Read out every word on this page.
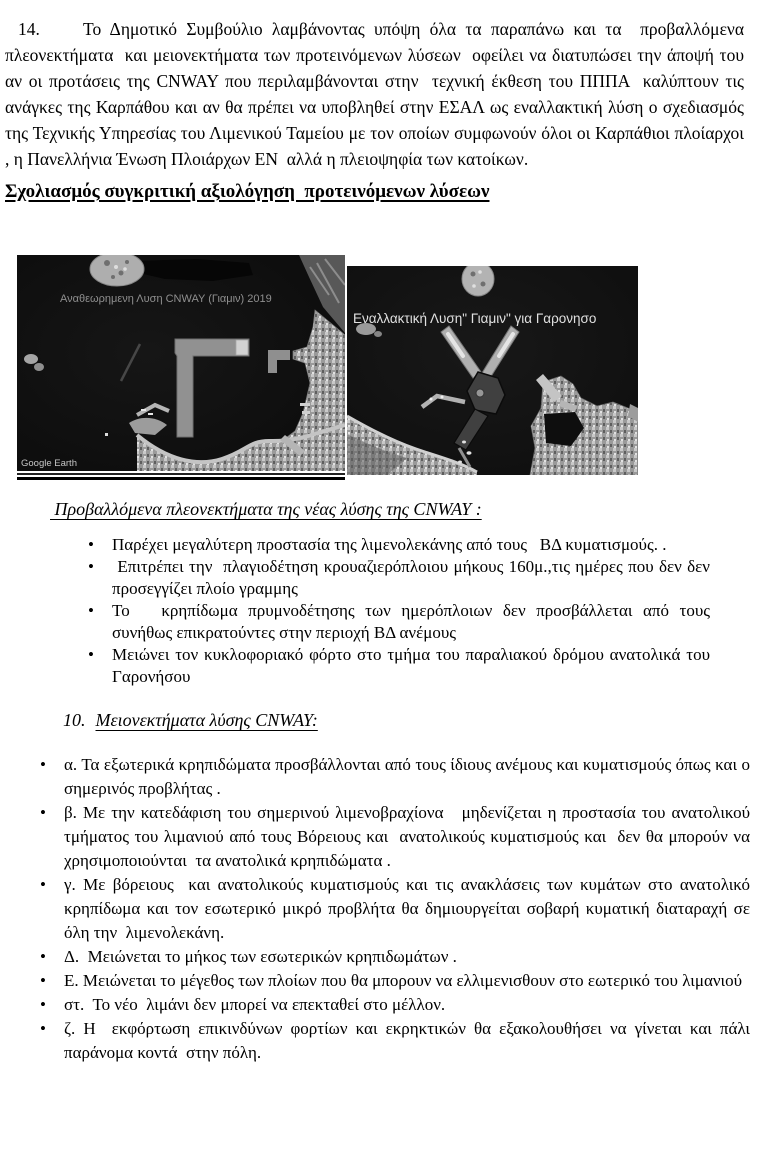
14. Το Δημοτικό Συμβούλιο λαμβάνοντας υπόψη όλα τα παραπάνω και τα  προβαλλόμενα πλεονεκτήματα  και μειονεκτήματα των προτεινόμενων λύσεων  οφείλει να διατυπώσει την άποψή του αν οι προτάσεις της CNWAY που περιλαμβάνονται στην  τεχνική έκθεση του ΠΠΠΑ  καλύπτουν τις ανάγκες της Καρπάθου και αν θα πρέπει να υποβληθεί στην ΕΣΑΛ ως εναλλακτική λύση ο σχεδιασμός της Τεχνικής Υπηρεσίας του Λιμενικού Ταμείου με τον οποίων συμφωνούν όλοι οι Καρπάθιοι πλοίαρχοι , η Πανελλήνια Ένωση Πλοιάρχων ΕΝ  αλλά η πλειοψηφία των κατοίκων.

Σχολιασμός συγκριτική αξιολόγηση  προτεινόμενων λύσεων
Αναθεωρημενη Λυση CNWAY (Γιαμιν) 2019
Google Earth
Εναλλακτική Λυση" Γιαμιν" για Γαρονησο
Προβαλλόμενα πλεονεκτήματα της νέας λύσης της CNWAY :
• Παρέχει μεγαλύτερη προστασία της λιμενολεκάνης από τους   ΒΔ κυματισμούς. .
•  Επιτρέπει την  πλαγιοδέτηση κρουαζιερόπλοιου μήκους 160μ.,τις ημέρες που δεν δεν προσεγγίζει πλοίο γραμμης
• Το   κρηπίδωμα πρυμνοδέτησης των ημερόπλοιων δεν προσβάλλεται από τους συνήθως επικρατούντες στην περιοχή ΒΔ ανέμους
• Μειώνει τον κυκλοφοριακό φόρτο στο τμήμα του παραλιακού δρόμου ανατολικά του Γαρονήσου
10. Μειονεκτήματα λύσης CNWAY:
• α. Τα εξωτερικά κρηπιδώματα προσβάλλονται από τους ίδιους ανέμους και κυματισμούς όπως και ο σημερινός προβλήτας .
• β. Με την κατεδάφιση του σημερινού λιμενοβραχίονα   μηδενίζεται η προστασία του ανατολικού τμήματος του λιμανιού από τους Βόρειους και  ανατολικούς κυματισμούς και  δεν θα μπορούν να χρησιμοποιούνται  τα ανατολικά κρηπιδώματα .
• γ. Με βόρειους  και ανατολικούς κυματισμούς και τις ανακλάσεις των κυμάτων στο ανατολικό κρηπίδωμα και τον εσωτερικό μικρό προβλήτα θα δημιουργείται σοβαρή κυματική διαταραχή σε όλη την  λιμενολεκάνη.
• Δ.  Μειώνεται το μήκος των εσωτερικών κρηπιδωμάτων .
• Ε. Μειώνεται το μέγεθος των πλοίων που θα μπορουν να ελλιμενισθουν στο εωτερικό του λιμανιού
• στ.  Το νέο  λιμάνι δεν μπορεί να επεκταθεί στο μέλλον.
• ζ. Η  εκφόρτωση επικινδύνων φορτίων και εκρηκτικών θα εξακολουθήσει να γίνεται και πάλι παράνομα κοντά  στην πόλη.
